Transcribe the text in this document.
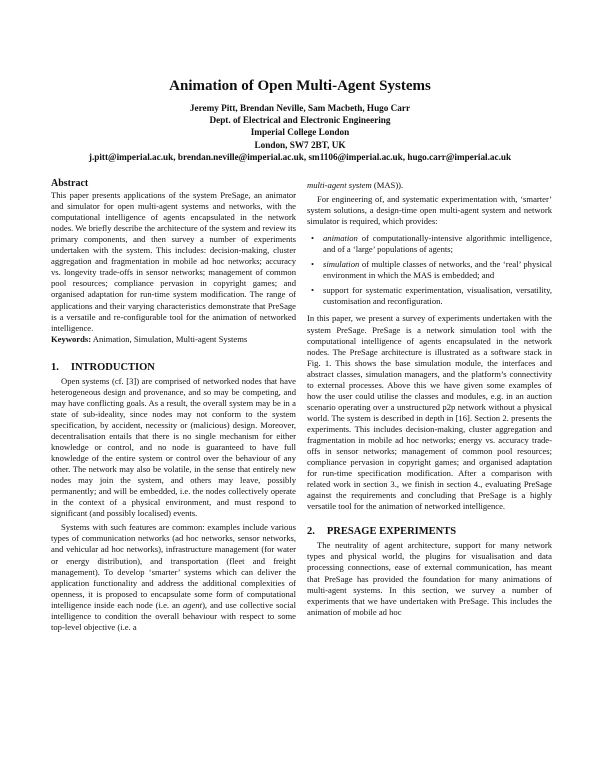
Animation of Open Multi-Agent Systems
Jeremy Pitt, Brendan Neville, Sam Macbeth, Hugo Carr
Dept. of Electrical and Electronic Engineering
Imperial College London
London, SW7 2BT, UK
j.pitt@imperial.ac.uk, brendan.neville@imperial.ac.uk, sm1106@imperial.ac.uk, hugo.carr@imperial.ac.uk
Abstract

This paper presents applications of the system PreSage, an animator and simulator for open multi-agent systems and networks, with the computational intelligence of agents encapsulated in the network nodes. We briefly describe the architecture of the system and review its primary components, and then survey a number of experiments undertaken with the system. This includes: decision-making, cluster aggregation and fragmentation in mobile ad hoc networks; accuracy vs. longevity trade-offs in sensor networks; management of common pool resources; compliance pervasion in copyright games; and organised adaptation for run-time system modification. The range of applications and their varying characteristics demonstrate that PreSage is a versatile and re-configurable tool for the animation of networked intelligence.

Keywords: Animation, Simulation, Multi-agent Systems

1. INTRODUCTION

Open systems (cf. [3]) are comprised of networked nodes that have heterogeneous design and provenance, and so may be competing, and may have conflicting goals. As a result, the overall system may be in a state of sub-ideality, since nodes may not conform to the system specification, by accident, necessity or (malicious) design. Moreover, decentralisation entails that there is no single mechanism for either knowledge or control, and no node is guaranteed to have full knowledge of the entire system or control over the behaviour of any other. The network may also be volatile, in the sense that entirely new nodes may join the system, and others may leave, possibly permanently; and will be embedded, i.e. the nodes collectively operate in the context of a physical environment, and must respond to significant (and possibly localised) events.

Systems with such features are common: examples include various types of communication networks (ad hoc networks, sensor networks, and vehicular ad hoc networks), infrastructure management (for water or energy distribution), and transportation (fleet and freight management). To develop ‘smarter’ systems which can deliver the application functionality and address the additional complexities of openness, it is proposed to encapsulate some form of computational intelligence inside each node (i.e. an agent), and use collective social intelligence to condition the overall behaviour with respect to some top-level objective (i.e. a

multi-agent system (MAS)).

For engineering of, and systematic experimentation with, ‘smarter’ system solutions, a design-time open multi-agent system and network simulator is required, which provides:

• animation of computationally-intensive algorithmic intelligence, and of a ‘large’ populations of agents;
• simulation of multiple classes of networks, and the ‘real’ physical environment in which the MAS is embedded; and
• support for systematic experimentation, visualisation, versatility, customisation and reconfiguration.

In this paper, we present a survey of experiments undertaken with the system PreSage. PreSage is a network simulation tool with the computational intelligence of agents encapsulated in the network nodes. The PreSage architecture is illustrated as a software stack in Fig. 1. This shows the base simulation module, the interfaces and abstract classes, simulation managers, and the platform’s connectivity to external processes. Above this we have given some examples of how the user could utilise the classes and modules, e.g. in an auction scenario operating over a unstructured p2p network without a physical world. The system is described in depth in [16]. Section 2. presents the experiments. This includes decision-making, cluster aggregation and fragmentation in mobile ad hoc networks; energy vs. accuracy trade-offs in sensor networks; management of common pool resources; compliance pervasion in copyright games; and organised adaptation for run-time specification modification. After a comparison with related work in section 3., we finish in section 4., evaluating PreSage against the requirements and concluding that PreSage is a highly versatile tool for the animation of networked intelligence.

2. PRESAGE EXPERIMENTS

The neutrality of agent architecture, support for many network types and physical world, the plugins for visualisation and data processing connections, ease of external communication, has meant that PreSage has provided the foundation for many animations of multi-agent systems. In this section, we survey a number of experiments that we have undertaken with PreSage. This includes the animation of mobile ad hoc
